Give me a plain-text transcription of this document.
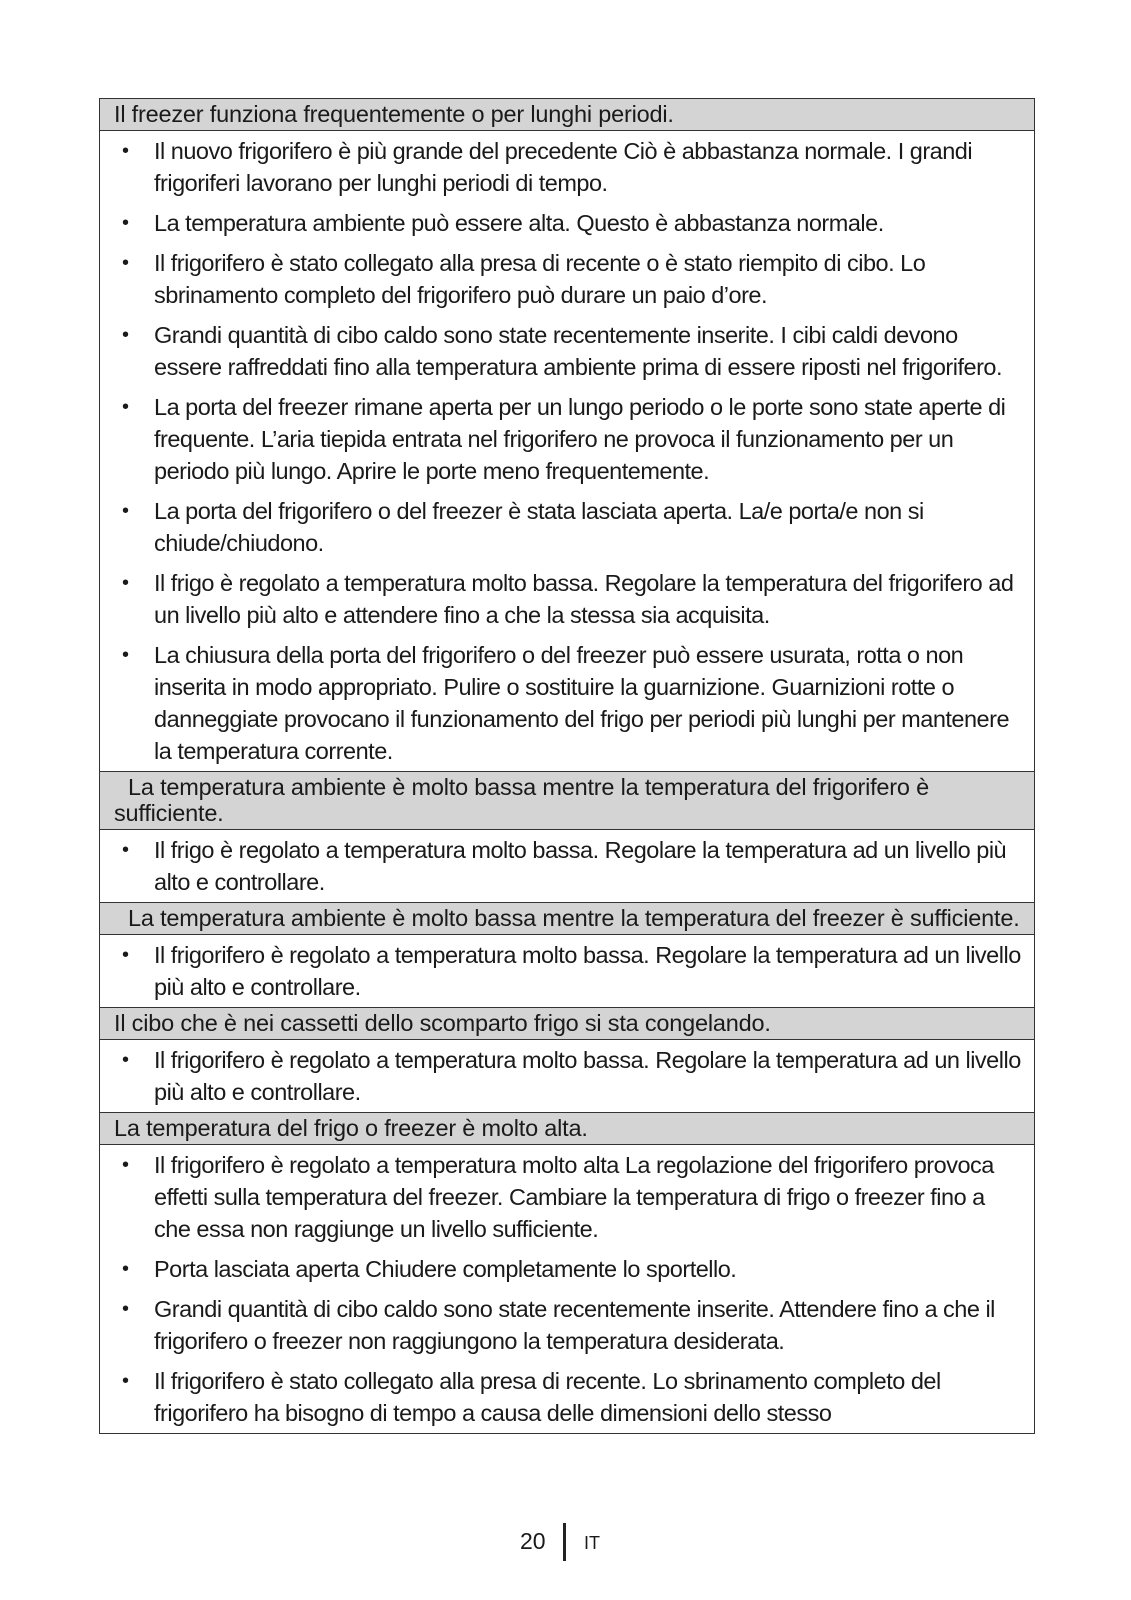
Il freezer funziona frequentemente o per lunghi periodi.
• Il nuovo frigorifero è più grande del precedente Ciò è abbastanza normale. I grandi frigoriferi lavorano per lunghi periodi di tempo.
• La temperatura ambiente può essere alta. Questo è abbastanza normale.
• Il frigorifero è stato collegato alla presa di recente o è stato riempito di cibo. Lo sbrinamento completo del frigorifero può durare un paio d’ore.
• Grandi quantità di cibo caldo sono state recentemente inserite. I cibi caldi devono essere raffreddati fino alla temperatura ambiente prima di essere riposti nel frigorifero.
• La porta del freezer rimane aperta per un lungo periodo o le porte sono state aperte di frequente. L’aria tiepida entrata nel frigorifero ne provoca il funzionamento per un periodo più lungo. Aprire le porte meno frequentemente.
• La porta del frigorifero o del freezer è stata lasciata aperta. La/e porta/e non si chiude/chiudono.
• Il frigo è regolato a temperatura molto bassa. Regolare la temperatura del frigorifero ad un livello più alto e attendere fino a che la stessa sia acquisita.
• La chiusura della porta del frigorifero o del freezer può essere usurata, rotta o non inserita in modo appropriato. Pulire o sostituire la guarnizione. Guarnizioni rotte o danneggiate provocano il funzionamento del frigo per periodi più lunghi per mantenere la temperatura corrente.
La temperatura ambiente è molto bassa mentre la temperatura del frigorifero è sufficiente.
• Il frigo è regolato a temperatura molto bassa. Regolare la temperatura ad un livello più alto e controllare.
La temperatura ambiente è molto bassa mentre la temperatura del freezer è sufficiente.
• Il frigorifero è regolato a temperatura molto bassa. Regolare la temperatura ad un livello più alto e controllare.
Il cibo che è nei cassetti dello scomparto frigo si sta congelando.
• Il frigorifero è regolato a temperatura molto bassa. Regolare la temperatura ad un livello più alto e controllare.
La temperatura del frigo o freezer è molto alta.
• Il frigorifero è regolato a temperatura molto alta La regolazione del frigorifero provoca effetti sulla temperatura del freezer. Cambiare la temperatura di frigo o freezer fino a che essa non raggiunge un livello sufficiente.
• Porta lasciata aperta Chiudere completamente lo sportello.
• Grandi quantità di cibo caldo sono state recentemente inserite. Attendere fino a che il frigorifero o freezer non raggiungono la temperatura desiderata.
• Il frigorifero è stato collegato alla presa di recente. Lo sbrinamento completo del frigorifero ha bisogno di tempo a causa delle dimensioni dello stesso
20 IT
